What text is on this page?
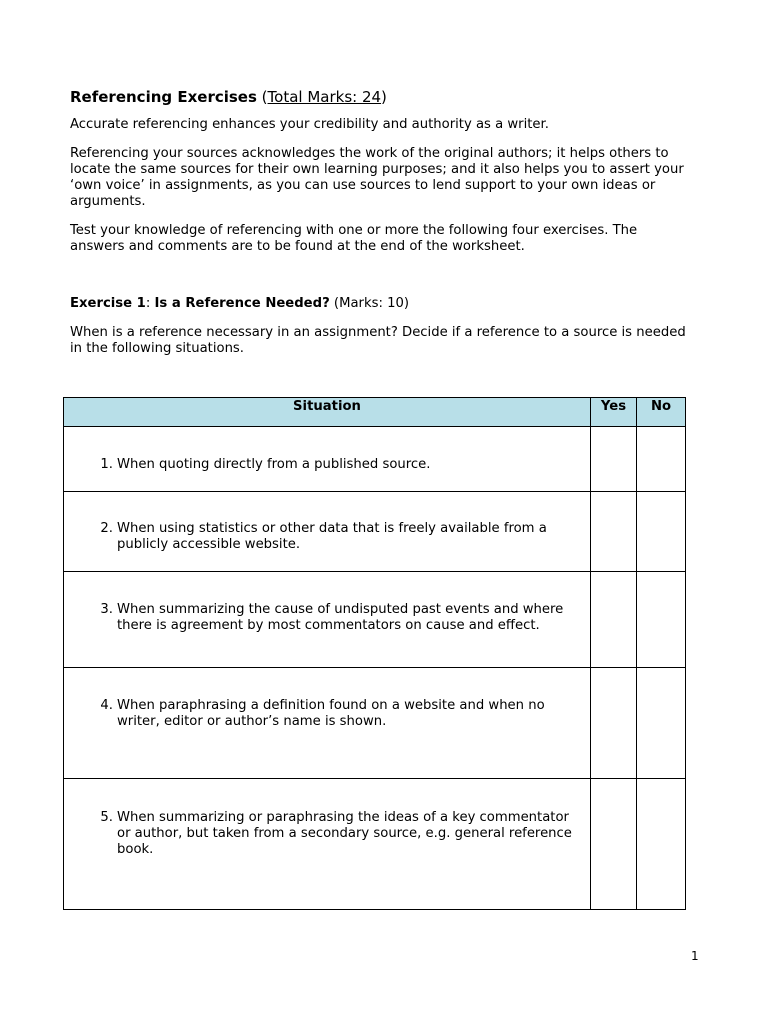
Referencing Exercises (Total Marks: 24)

Accurate referencing enhances your credibility and authority as a writer.

Referencing your sources acknowledges the work of the original authors; it helps others to locate the same sources for their own learning purposes; and it also helps you to assert your ‘own voice’ in assignments, as you can use sources to lend support to your own ideas or arguments.

Test your knowledge of referencing with one or more the following four exercises. The answers and comments are to be found at the end of the worksheet.

Exercise 1: Is a Reference Needed? (Marks: 10)

When is a reference necessary in an assignment? Decide if a reference to a source is needed in the following situations.

Situation	Yes	No

1. When quoting directly from a published source.		

2. When using statistics or other data that is freely available from a publicly accessible website.		

3. When summarizing the cause of undisputed past events and where there is agreement by most commentators on cause and effect.		

4. When paraphrasing a definition found on a website and when no writer, editor or author’s name is shown.		

5. When summarizing or paraphrasing the ideas of a key commentator or author, but taken from a secondary source, e.g. general reference book.		

1
